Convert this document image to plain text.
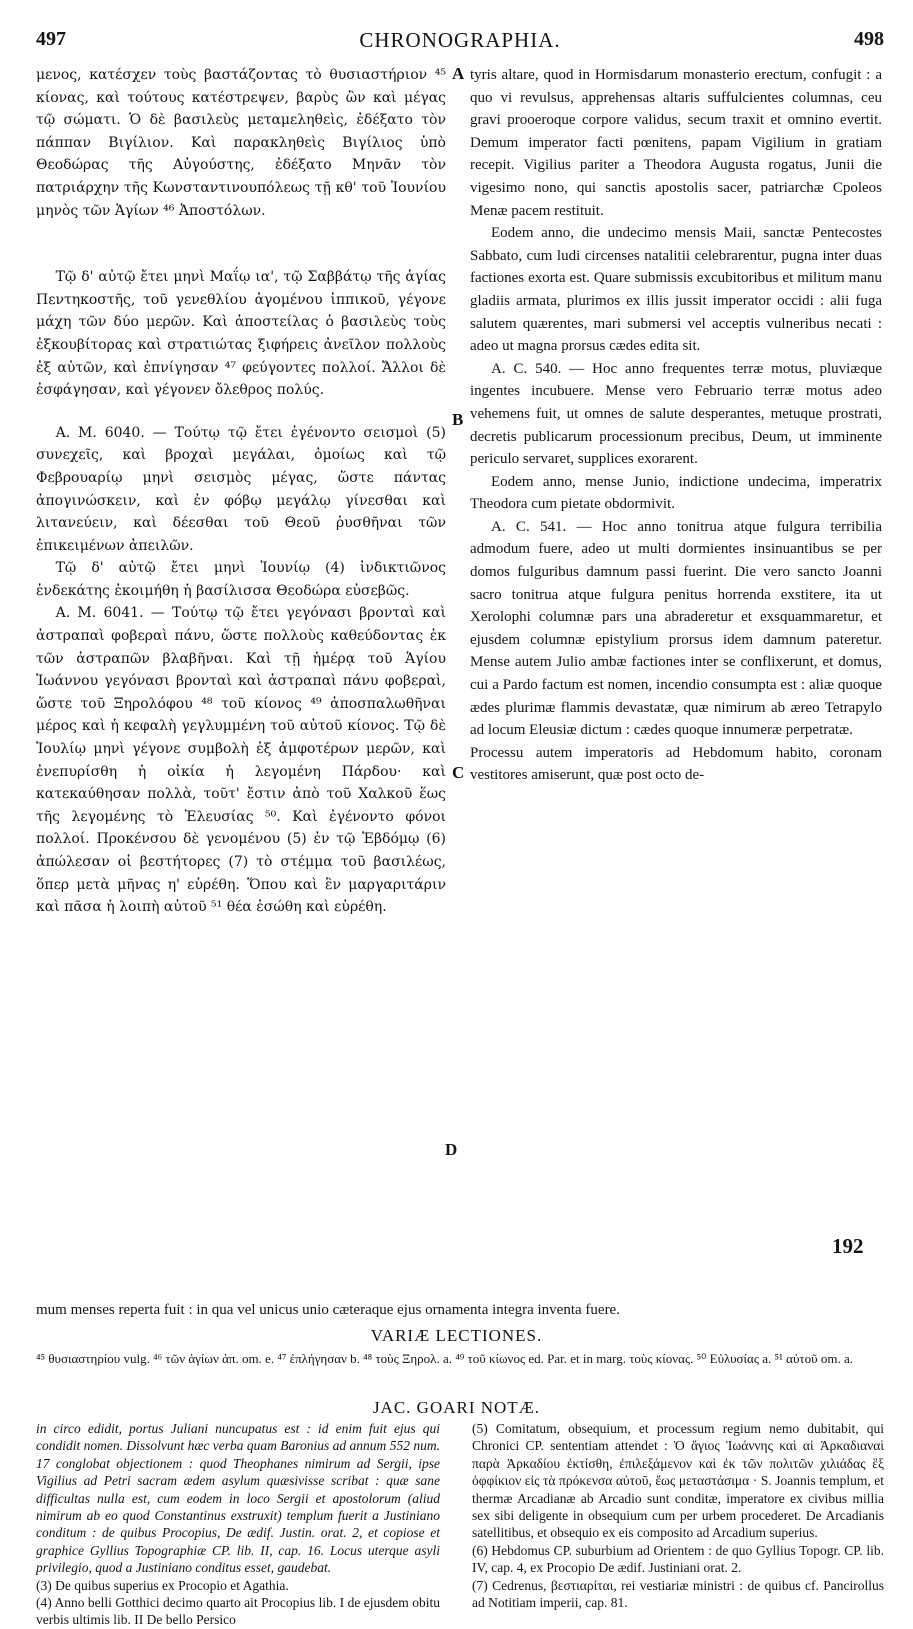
497	CHRONOGRAPHIA.	498
A
B
C
D

μενος, κατέσχεν τοὺς βαστάζοντας τὸ θυσιαστήριον ⁴⁵ κίονας, καὶ τούτους κατέστρεψεν, βαρὺς ὢν καὶ μέγας τῷ σώματι. Ὁ δὲ βασιλεὺς μεταμεληθεὶς, ἐδέξατο τὸν πάππαν Βιγίλιον. Καὶ παρακληθεὶς Βιγίλιος ὑπὸ Θεοδώρας τῆς Αὐγούστης, ἐδέξατο Μηνᾶν τὸν πατριάρχην τῆς Κωνσταντινουπόλεως τῇ κθ' τοῦ Ἰουνίου μηνὸς τῶν Ἁγίων ⁴⁶ Ἀποστόλων.

Τῷ δ' αὐτῷ ἔτει μηνὶ Μαΐῳ ια', τῷ Σαββάτῳ τῆς ἁγίας Πεντηκοστῆς, τοῦ γενεθλίου ἀγομένου ἱππικοῦ, γέγονε μάχη τῶν δύο μερῶν. Καὶ ἀποστείλας ὁ βασιλεὺς τοὺς ἐξκουβίτορας καὶ στρατιώτας ξιφήρεις ἀνεῖλον πολλοὺς ἐξ αὐτῶν, καὶ ἐπνίγησαν ⁴⁷ φεύγοντες πολλοί. Ἄλλοι δὲ ἐσφάγησαν, καὶ γέγονεν ὄλεθρος πολύς.

A. M. 6040. — Τούτῳ τῷ ἔτει ἐγένοντο σεισμοὶ (5) συνεχεῖς, καὶ βροχαὶ μεγάλαι, ὁμοίως καὶ τῷ Φεβρουαρίῳ μηνὶ σεισμὸς μέγας, ὥστε πάντας ἀπογινώσκειν, καὶ ἐν φόβῳ μεγάλῳ γίνεσθαι καὶ λιτανεύειν, καὶ δέεσθαι τοῦ Θεοῦ ῥυσθῆναι τῶν ἐπικειμένων ἀπειλῶν.

Τῷ δ' αὐτῷ ἔτει μηνὶ Ἰουνίῳ (4) ἰνδικτιῶνος ἑνδεκάτης ἐκοιμήθη ἡ βασίλισσα Θεοδώρα εὐσεβῶς.

A. M. 6041. — Τούτῳ τῷ ἔτει γεγόνασι βρονταὶ καὶ ἀστραπαὶ φοβεραὶ πάνυ, ὥστε πολλοὺς καθεύδοντας ἐκ τῶν ἀστραπῶν βλαβῆναι. Καὶ τῇ ἡμέρᾳ τοῦ Ἁγίου Ἰωάννου γεγόνασι βρονταὶ καὶ ἀστραπαὶ πάνυ φοβεραὶ, ὥστε τοῦ Ξηρολόφου ⁴⁸ τοῦ κίονος ⁴⁹ ἀποσπαλωθῆναι μέρος καὶ ἡ κεφαλὴ γεγλυμμένη τοῦ αὐτοῦ κίονος. Τῷ δὲ Ἰουλίῳ μηνὶ γέγονε συμβολὴ ἐξ ἀμφοτέρων μερῶν, καὶ ἐνεπυρίσθη ἡ οἰκία ἡ λεγομένη Πάρδου· καὶ κατεκαύθησαν πολλὰ, τοῦτ' ἔστιν ἀπὸ τοῦ Χαλκοῦ ἕως τῆς λεγομένης τὸ Ἐλευσίας ⁵⁰. Καὶ ἐγένοντο φόνοι πολλοί. Προκένσου δὲ γενομένου (5) ἐν τῷ Ἑβδόμῳ (6) ἀπώλεσαν οἱ βεστήτορες (7) τὸ στέμμα τοῦ βασιλέως, ὅπερ μετὰ μῆνας η' εὑρέθη. Ὅπου καὶ ἓν μαργαριτάριν καὶ πᾶσα ἡ λοιπὴ αὐτοῦ ⁵¹ θέα ἐσώθη καὶ εὑρέθη.

tyris altare, quod in Hormisdarum monasterio erectum, confugit : a quo vi revulsus, apprehensas altaris suffulcientes columnas, ceu gravi prooeroque corpore validus, secum traxit et omnino evertit. Demum imperator facti pœnitens, papam Vigilium in gratiam recepit. Vigilius pariter a Theodora Augusta rogatus, Junii die vigesimo nono, qui sanctis apostolis sacer, patriarchæ Cpoleos Menæ pacem restituit.

Eodem anno, die undecimo mensis Maii, sanctæ Pentecostes Sabbato, cum ludi circenses natalitii celebrarentur, pugna inter duas factiones exorta est. Quare submissis excubitoribus et militum manu gladiis armata, plurimos ex illis jussit imperator occidi : alii fuga salutem quærentes, mari submersi vel acceptis vulneribus necati : adeo ut magna prorsus cædes edita sit.

A. C. 540. — Hoc anno frequentes terræ motus, pluviæque ingentes incubuere. Mense vero Februario terræ motus adeo vehemens fuit, ut omnes de salute desperantes, metuque prostrati, decretis publicarum processionum precibus, Deum, ut imminente periculo servaret, supplices exorarent.

Eodem anno, mense Junio, indictione undecima, imperatrix Theodora cum pietate obdormivit.

A. C. 541. — Hoc anno tonitrua atque fulgura terribilia admodum fuere, adeo ut multi dormientes insinuantibus se per domos fulguribus damnum passi fuerint. Die vero sancto Joanni sacro tonitrua atque fulgura penitus horrenda exstitere, ita ut Xerolophi columnæ pars una abraderetur et exsquammaretur, et ejusdem columnæ epistylium prorsus idem damnum pateretur. Mense autem Julio ambæ factiones inter se conflixerunt, et domus, cui a Pardo factum est nomen, incendio consumpta est : aliæ quoque ædes plurimæ flammis devastatæ, quæ nimirum ab æreo Tetrapylo ad locum Eleusiæ dictum : cædes quoque innumeræ perpetratæ.

Processu autem imperatoris ad Hebdomum habito, coronam vestitores amiserunt, quæ post octo de-

192
mum menses reperta fuit : in qua vel unicus unio cæteraque ejus ornamenta integra inventa fuere.
VARIÆ LECTIONES.
⁴⁵ θυσιαστηρίου vulg. ⁴⁶ τῶν ἁγίων ἀπ. om. e. ⁴⁷ ἐπλήγησαν b. ⁴⁸ τοὺς Ξηρολ. a. ⁴⁹ τοῦ κίωνος ed. Par. et in marg. τοὺς κίονας. ⁵⁰ Εὐλυσίας a. ⁵¹ αὐτοῦ om. a.
JAC. GOARI NOTÆ.

in circo edidit, portus Juliani nuncupatus est : id enim fuit ejus qui condidit nomen. Dissolvunt hæc verba quam Baronius ad annum 552 num. 17 conglobat objectionem : quod Theophanes nimirum ad Sergii, ipse Vigilius ad Petri sacram ædem asylum quæsivisse scribat : quæ sane difficultas nulla est, cum eodem in loco Sergii et apostolorum (aliud nimirum ab eo quod Constantinus exstruxit) templum fuerit a Justiniano conditum : de quibus Procopius, De ædif. Justin. orat. 2, et copiose et graphice Gyllius Topographiæ CP. lib. II, cap. 16. Locus uterque asyli privilegio, quod a Justiniano conditus esset, gaudebat.

(3) De quibus superius ex Procopio et Agathia.

(4) Anno belli Gotthici decimo quarto ait Procopius lib. I de ejusdem obitu verbis ultimis lib. II De bello Persico

(5) Comitatum, obsequium, et processum regium nemo dubitabit, qui Chronici CP. sententiam attendet : Ὁ ἅγιος Ἰωάννης καὶ αἱ Ἀρκαδιαναὶ παρὰ Ἀρκαδίου ἐκτίσθη, ἐπιλεξάμενον καὶ ἐκ τῶν πολιτῶν χιλιάδας ἓξ ὀφφίκιον εἰς τὰ πρόκενσα αὐτοῦ, ἕως μεταστάσιμα · S. Joannis templum, et thermæ Arcadianæ ab Arcadio sunt conditæ, imperatore ex civibus millia sex sibi deligente in obsequium cum per urbem procederet. De Arcadianis satellitibus, et obsequio ex eis composito ad Arcadium superius.

(6) Hebdomus CP. suburbium ad Orientem : de quo Gyllius Topogr. CP. lib. IV, cap. 4, ex Procopio De ædif. Justiniani orat. 2.

(7) Cedrenus, βεστιαρίται, rei vestiariæ ministri : de quibus cf. Pancirollus ad Notitiam imperii, cap. 81.
